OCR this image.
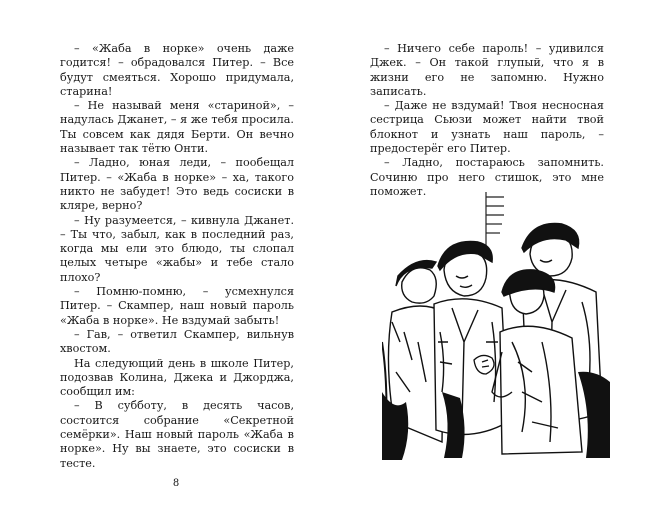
– «Жаба в норке» очень даже годится! – обрадовался Питер. – Все будут смеяться. Хорошо придумала, старина!

– Не называй меня «стариной», – надулась Джанет, – я же тебя просила. Ты совсем как дядя Берти. Он вечно называет так тётю Онти.

– Ладно, юная леди, – пообещал Питер. – «Жаба в норке» – ха, такого никто не забудет! Это ведь сосиски в кляре, верно?

– Ну разумеется, – кивнула Джанет. – Ты что, забыл, как в последний раз, когда мы ели это блюдо, ты слопал целых четыре «жабы» и тебе стало плохо?

– Помню-помню, – усмехнулся Питер. – Скампер, наш новый пароль «Жаба в норке». Не вздумай забыть!

– Гав, – ответил Скампер, вильнув хвостом.

На следующий день в школе Питер, подозвав Колина, Джека и Джорджа, сообщил им:

– В субботу, в десять часов, состоится собрание «Секретной семёрки». Наш новый пароль «Жаба в норке». Ну вы знаете, это сосиски в тесте.

8

– Ничего себе пароль! – удивился Джек. – Он такой глупый, что я в жизни его не запомню. Нужно записать.

– Даже не вздумай! Твоя несносная сестрица Сьюзи может найти твой блокнот и узнать наш пароль, – предостерёг его Питер.

– Ладно, постараюсь запомнить. Сочиню про него стишок, это мне поможет.
